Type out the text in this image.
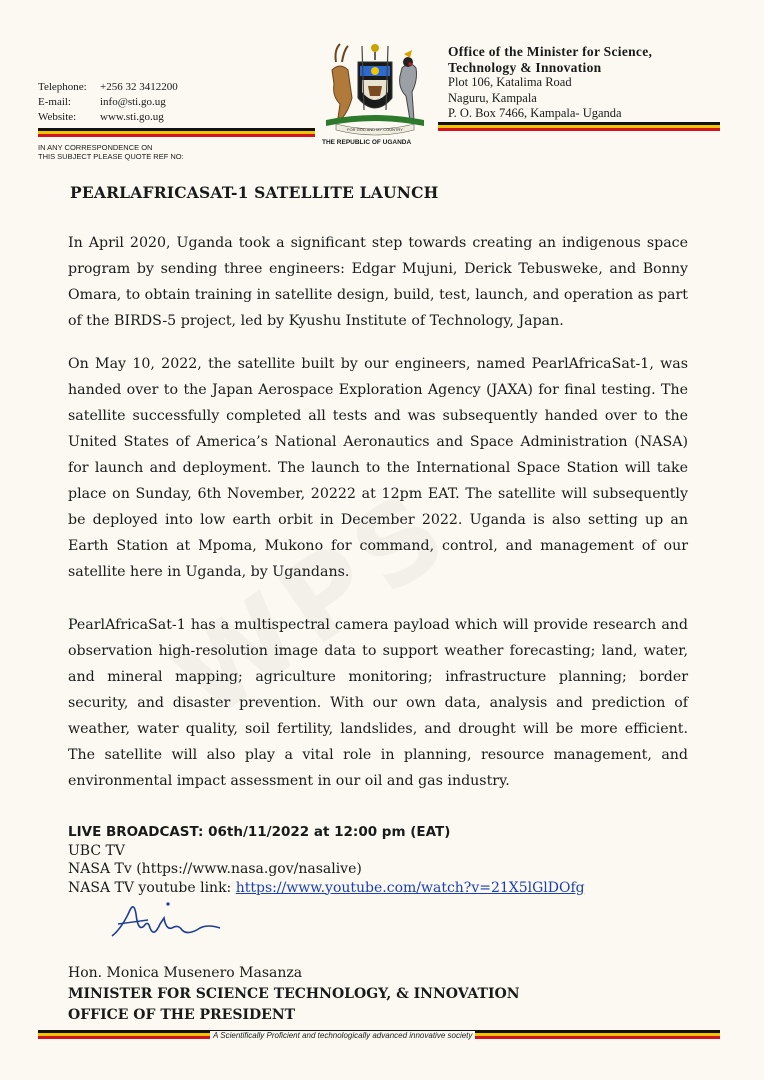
Telephone: +256 32 3412200
E-mail:	info@sti.go.ug
Website: www.sti.go.ug
FOR GOD AND MY COUNTRY
THE REPUBLIC OF UGANDA
Office of the Minister for Science,
Technology & Innovation
Plot 106, Katalima Road
Naguru, Kampala
P. O. Box 7466, Kampala- Uganda
IN ANY CORRESPONDENCE ON
THIS SUBJECT PLEASE QUOTE REF NO:
PEARLAFRICASAT-1 SATELLITE LAUNCH
In April 2020, Uganda took a significant step towards creating an indigenous space program by sending three engineers: Edgar Mujuni, Derick Tebusweke, and Bonny Omara, to obtain training in satellite design, build, test, launch, and operation as part of the BIRDS-5 project, led by Kyushu Institute of Technology, Japan.
On May 10, 2022, the satellite built by our engineers, named PearlAfricaSat-1, was handed over to the Japan Aerospace Exploration Agency (JAXA) for final testing. The satellite successfully completed all tests and was subsequently handed over to the United States of America’s National Aeronautics and Space Administration (NASA) for launch and deployment. The launch to the International Space Station will take place on Sunday, 6th November, 20222 at 12pm EAT. The satellite will subsequently be deployed into low earth orbit in December 2022. Uganda is also setting up an Earth Station at Mpoma, Mukono for command, control, and management of our satellite here in Uganda, by Ugandans.
PearlAfricaSat-1 has a multispectral camera payload which will provide research and observation high-resolution image data to support weather forecasting; land, water, and mineral mapping; agriculture monitoring; infrastructure planning; border security, and disaster prevention. With our own data, analysis and prediction of weather, water quality, soil fertility, landslides, and drought will be more efficient. The satellite will also play a vital role in planning, resource management, and environmental impact assessment in our oil and gas industry.
LIVE BROADCAST: 06th/11/2022 at 12:00 pm (EAT)
UBC TV
NASA Tv (https://www.nasa.gov/nasalive)
NASA TV youtube link: https://www.youtube.com/watch?v=21X5lGlDOfg
Hon. Monica Musenero Masanza
MINISTER FOR SCIENCE TECHNOLOGY, & INNOVATION
OFFICE OF THE PRESIDENT
A Scientifically Proficient and technologically advanced innovative society
